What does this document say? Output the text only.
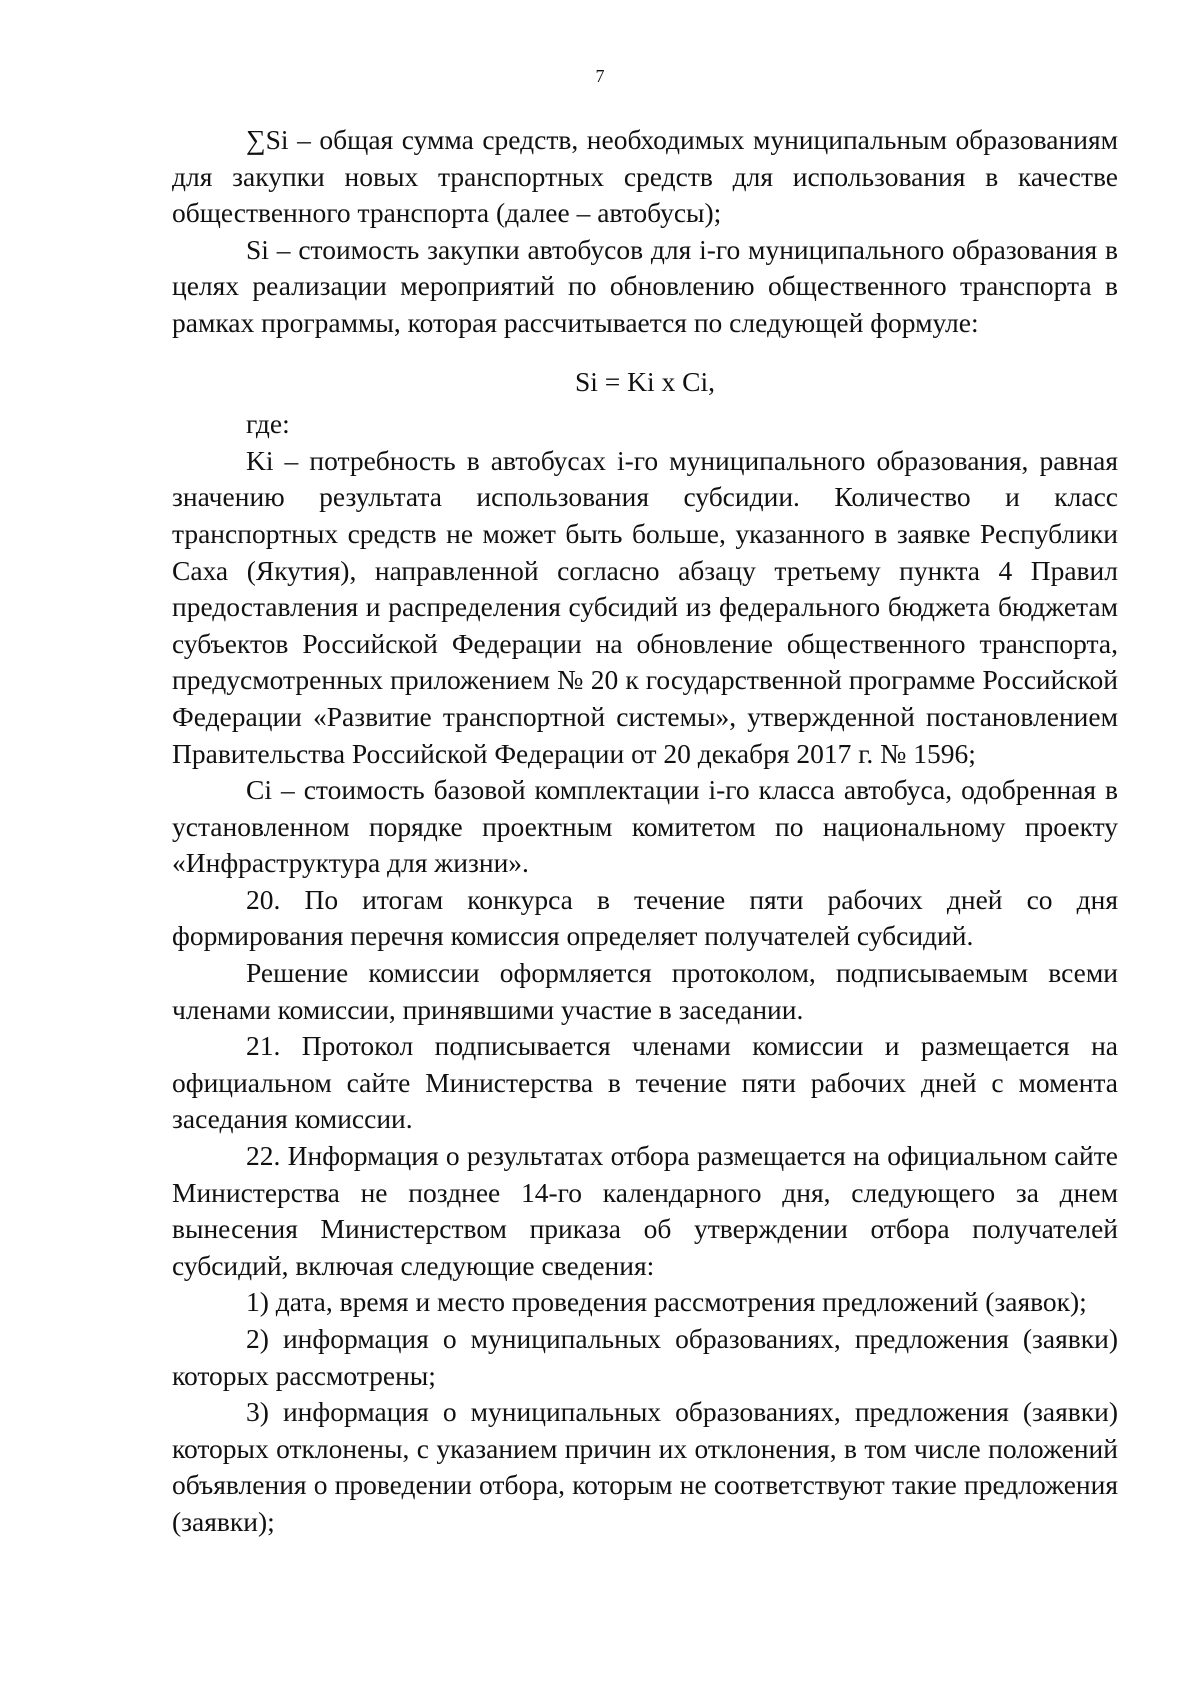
7

∑Si – общая сумма средств, необходимых муниципальным образованиям для закупки новых транспортных средств для использования в качестве общественного транспорта (далее – автобусы);

Si – стоимость закупки автобусов для i-го муниципального образования в целях реализации мероприятий по обновлению общественного транспорта в рамках программы, которая рассчитывается по следующей формуле:

Si = Ki x Ci,

где:

Ki – потребность в автобусах i-го муниципального образования, равная значению результата использования субсидии. Количество и класс транспортных средств не может быть больше, указанного в заявке Республики Саха (Якутия), направленной согласно абзацу третьему пункта 4 Правил предоставления и распределения субсидий из федерального бюджета бюджетам субъектов Российской Федерации на обновление общественного транспорта, предусмотренных приложением № 20 к государственной программе Российской Федерации «Развитие транспортной системы», утвержденной постановлением Правительства Российской Федерации от 20 декабря 2017 г. № 1596;

Ci – стоимость базовой комплектации i-го класса автобуса, одобренная в установленном порядке проектным комитетом по национальному проекту «Инфраструктура для жизни».

20. По итогам конкурса в течение пяти рабочих дней со дня формирования перечня комиссия определяет получателей субсидий.

Решение комиссии оформляется протоколом, подписываемым всеми членами комиссии, принявшими участие в заседании.

21. Протокол подписывается членами комиссии и размещается на официальном сайте Министерства в течение пяти рабочих дней с момента заседания комиссии.

22. Информация о результатах отбора размещается на официальном сайте Министерства не позднее 14-го календарного дня, следующего за днем вынесения Министерством приказа об утверждении отбора получателей субсидий, включая следующие сведения:

1) дата, время и место проведения рассмотрения предложений (заявок);

2) информация о муниципальных образованиях, предложения (заявки) которых рассмотрены;

3) информация о муниципальных образованиях, предложения (заявки) которых отклонены, с указанием причин их отклонения, в том числе положений объявления о проведении отбора, которым не соответствуют такие предложения (заявки);
